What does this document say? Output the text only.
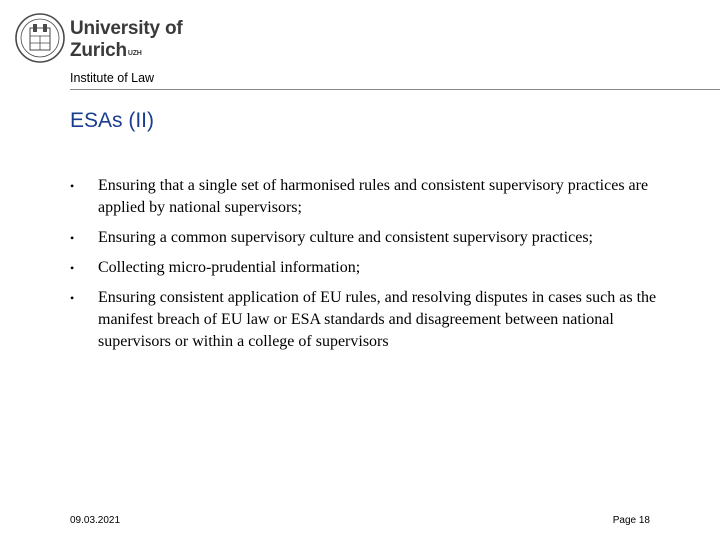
University of
Zurich$^{UZH}$
Institute of Law
ESAs (II)
• Ensuring that a single set of harmonised rules and consistent supervisory practices are applied by national supervisors;
• Ensuring a common supervisory culture and consistent supervisory practices;
• Collecting micro-prudential information;
• Ensuring consistent application of EU rules, and resolving disputes in cases such as the manifest breach of EU law or ESA standards and disagreement between national supervisors or within a college of supervisors
09.03.2021	Page 18
